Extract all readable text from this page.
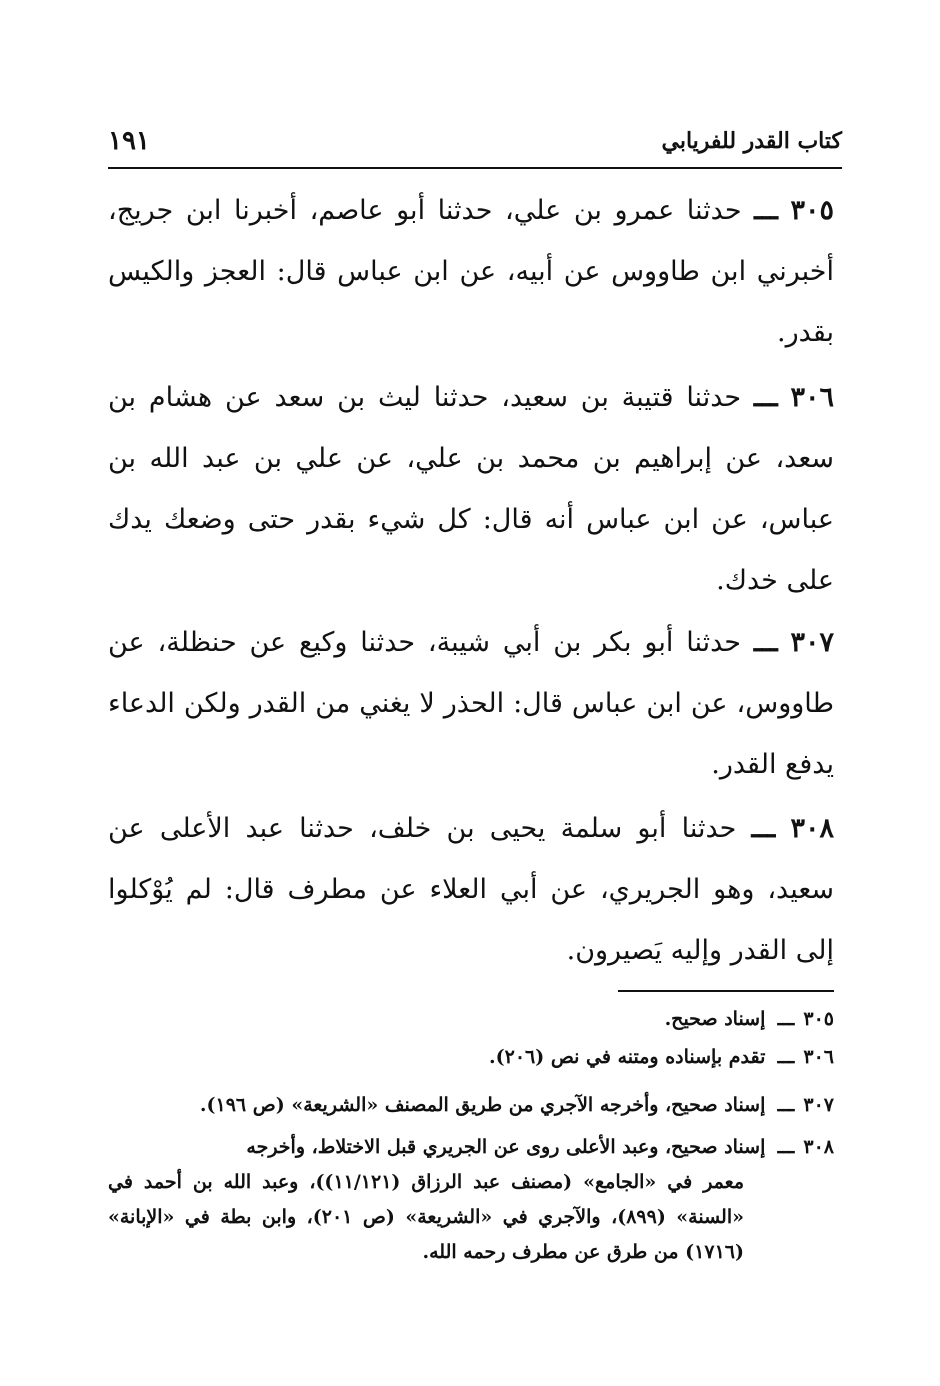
كتاب القدر للفريابي
١٩١
٣٠٥ ـــ حدثنا عمرو بن علي، حدثنا أبو عاصم، أخبرنا ابن جريج، أخبرني ابن طاووس عن أبيه، عن ابن عباس قال: العجز والكيس بقدر.
٣٠٦ ـــ حدثنا قتيبة بن سعيد، حدثنا ليث بن سعد عن هشام بن سعد، عن إبراهيم بن محمد بن علي، عن علي بن عبد الله بن عباس، عن ابن عباس أنه قال: كل شيء بقدر حتى وضعك يدك على خدك.
٣٠٧ ـــ حدثنا أبو بكر بن أبي شيبة، حدثنا وكيع عن حنظلة، عن طاووس، عن ابن عباس قال: الحذر لا يغني من القدر ولكن الدعاء يدفع القدر.
٣٠٨ ـــ حدثنا أبو سلمة يحيى بن خلف، حدثنا عبد الأعلى عن سعيد، وهو الجريري، عن أبي العلاء عن مطرف قال: لم يُوْكلوا إلى القدر وإليه يَصيرون.
٣٠٥ـــ إسناد صحيح.
٣٠٦ـــ تقدم بإسناده ومتنه في نص (٢٠٦).
٣٠٧ـــ إسناد صحيح، وأخرجه الآجري من طريق المصنف «الشريعة» (ص ١٩٦).
٣٠٨ـــ إسناد صحيح، وعبد الأعلى روى عن الجريري قبل الاختلاط، وأخرجه
معمر في «الجامع» (مصنف عبد الرزاق (١١/١٢١))، وعبد الله بن أحمد في «السنة» (٨٩٩)، والآجري في «الشريعة» (ص ٢٠١)، وابن بطة في «الإبانة» (١٧١٦) من طرق عن مطرف رحمه الله.
